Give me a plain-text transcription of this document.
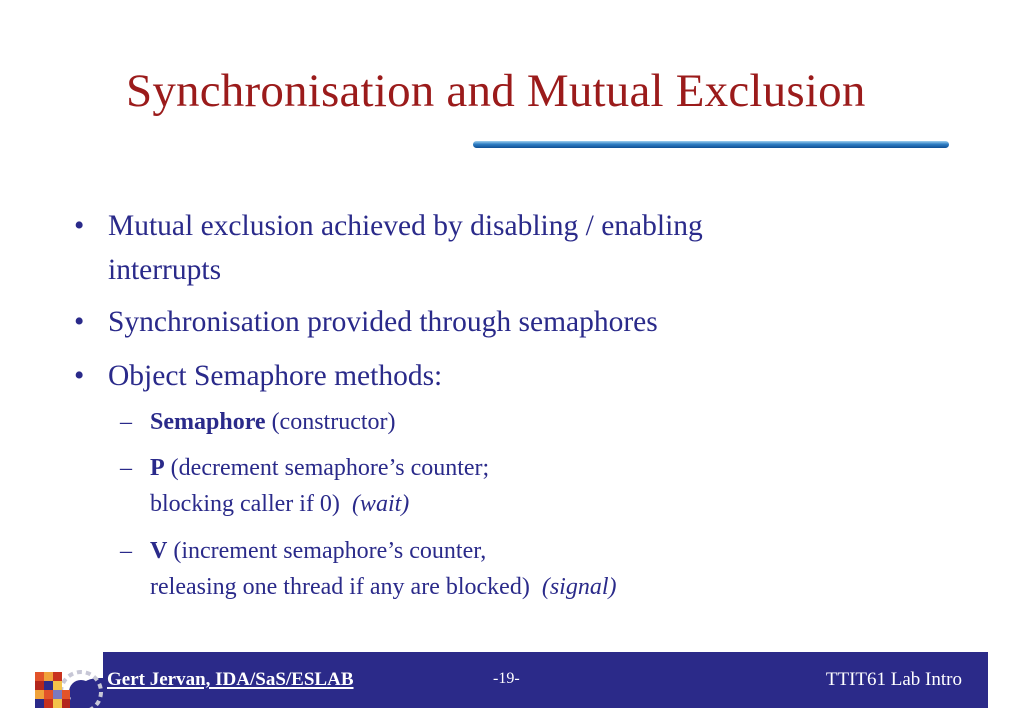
Synchronisation and Mutual Exclusion
• Mutual exclusion achieved by disabling / enabling
interrupts
• Synchronisation provided through semaphores
• Object Semaphore methods:
– Semaphore (constructor)
– P (decrement semaphore’s counter;
blocking caller if 0)  (wait)
– V (increment semaphore’s counter,
releasing one thread if any are blocked)  (signal)
Gert Jervan, IDA/SaS/ESLAB	-19-	TTIT61 Lab Intro
